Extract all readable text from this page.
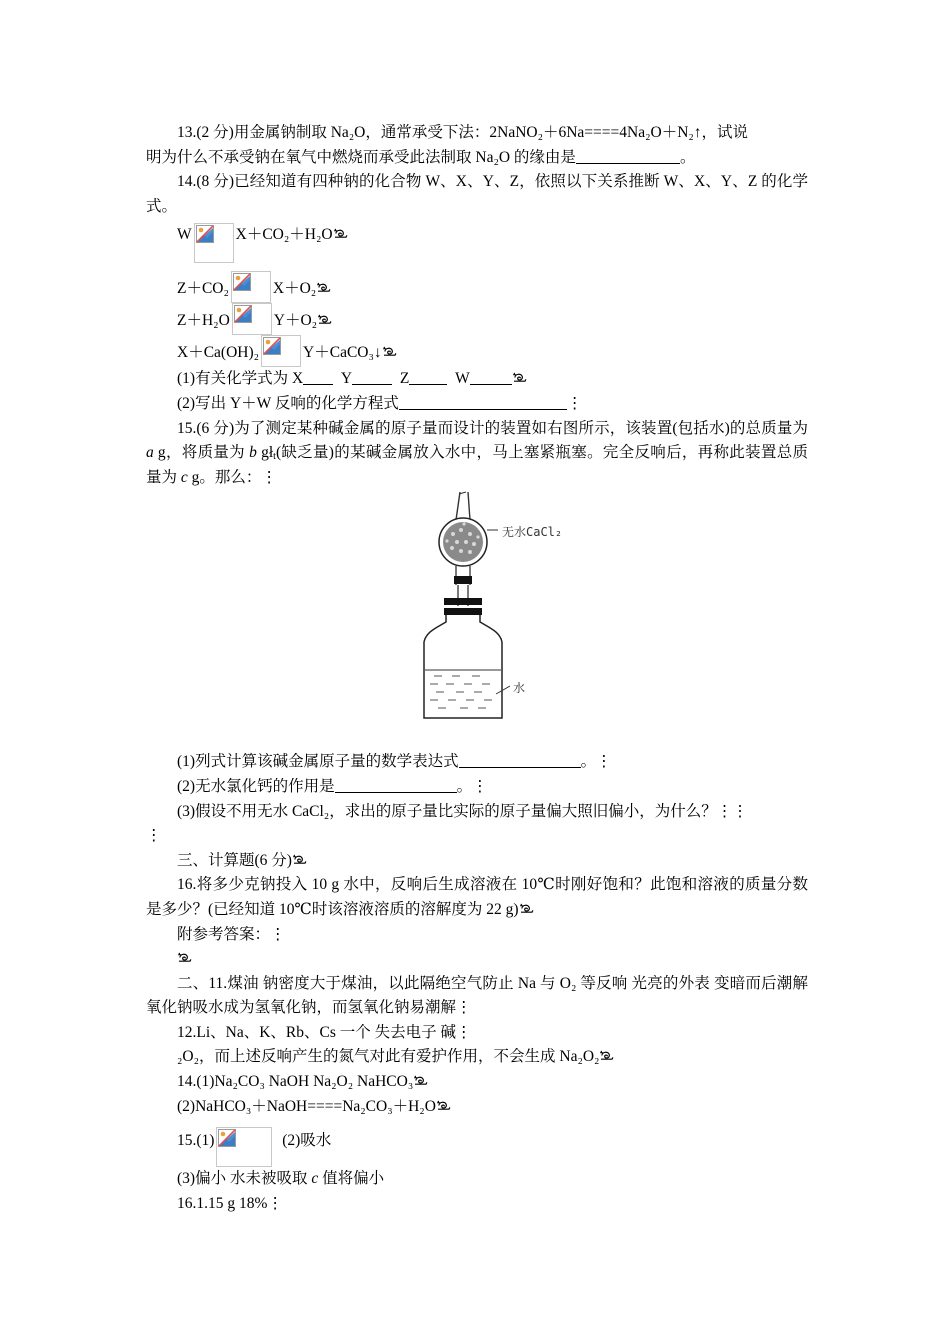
13.(2 分)用金属钠制取 Na₂O，通常承受下法：2NaNO₂＋6Na====4Na₂O＋N₂↑，试说

明为什么不承受钠在氧气中燃烧而承受此法制取 Na₂O 的缘由是	。

14.(8 分)已经知道有四种钠的化合物 W、X、Y、Z，依照以下关系推断 W、X、Y、Z 的化学式。

W	X＋CO₂＋H₂O

Z＋CO₂	X＋O₂

Z＋H₂O	Y＋O₂

X＋Ca(OH)₂	Y＋CaCO₃↓

(1)有关化学式为 X Y	Z	W

(2)写出 Y＋W 反响的化学方程式	⋮

15.(6 分)为了测定某种碱金属的原子量而设计的装置如右图所示，该装置(包括水)的总质量为 a g，将质量为 b $gł_t$(缺乏量)的某碱金属放入水中，马上塞紧瓶塞。完全反响后，再称此装置总质量为 c g。那么：⋮

无水CaCl₂
水

(1)列式计算该碱金属原子量的数学表达式	。⋮

(2)无水氯化钙的作用是	。⋮

(3)假设不用无水 CaCl₂，求出的原子量比实际的原子量偏大照旧偏小，为什么？⋮⋮

⋮

三、计算题(6 分)

16.将多少克钠投入 10 g 水中，反响后生成溶液在 10℃时刚好饱和？此饱和溶液的质量分数是多少？(已经知道 10℃时该溶液溶质的溶解度为 22 g)

附参考答案：⋮

二、11.煤油 钠密度大于煤油，以此隔绝空气防止 Na 与 O₂ 等反响 光亮的外表 变暗而后潮解 氧化钠吸水成为氢氧化钠，而氢氧化钠易潮解⋮

12.Li、Na、K、Rb、Cs 一个 失去电子 碱⋮

₂O₂，而上述反响产生的氮气对此有爱护作用，不会生成 Na₂O₂

14.(1)Na₂CO₃ NaOH Na₂O₂ NaHCO₃

(2)NaHCO₃＋NaOH====Na₂CO₃＋H₂O

15.(1)	(2)吸水

(3)偏小 水未被吸取 c 值将偏小

16.1.15 g 18%⋮
